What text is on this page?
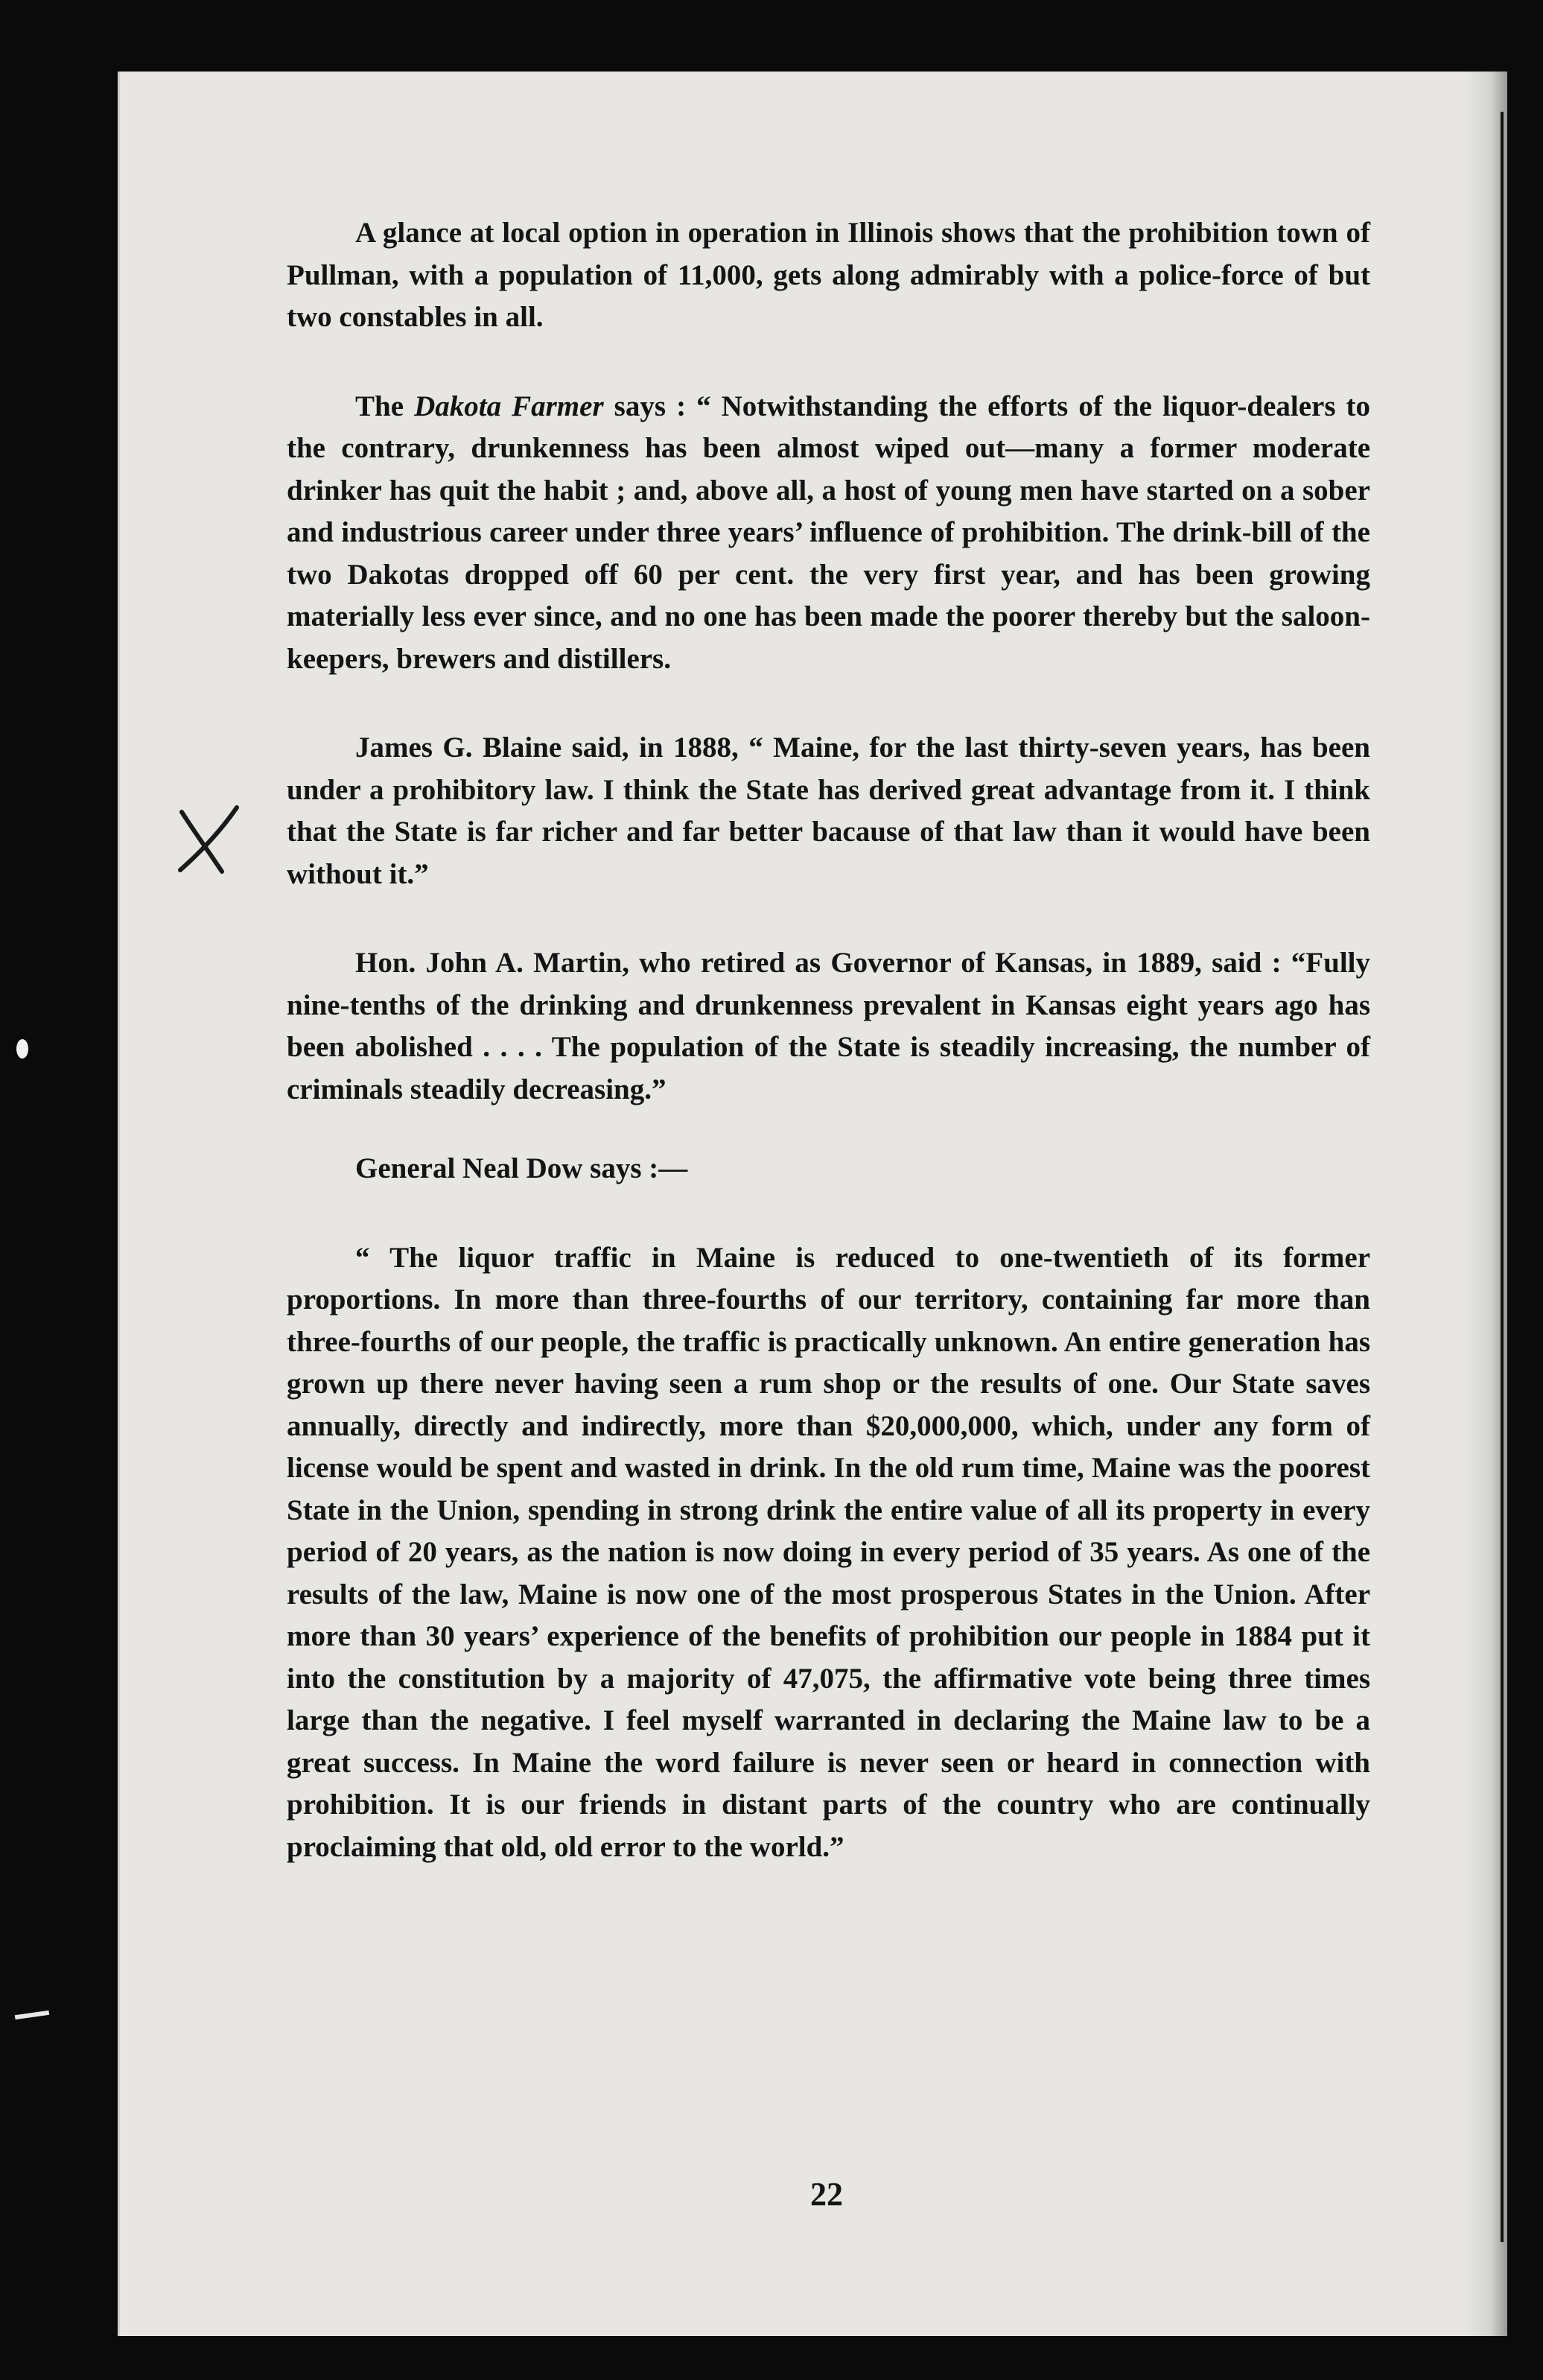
A glance at local option in operation in Illinois shows that the prohibition town of Pullman, with a population of 11,000, gets along admirably with a police-force of but two constables in all.

The Dakota Farmer says : “ Notwithstanding the efforts of the liquor-dealers to the contrary, drunkenness has been almost wiped out—many a former moderate drinker has quit the habit ; and, above all, a host of young men have started on a sober and industrious career under three years’ influence of prohibition. The drink-bill of the two Dakotas dropped off 60 per cent. the very first year, and has been growing materially less ever since, and no one has been made the poorer thereby but the saloon-keepers, brewers and distillers.

James G. Blaine said, in 1888, “ Maine, for the last thirty-seven years, has been under a prohibitory law. I think the State has derived great advantage from it. I think that the State is far richer and far better bacause of that law than it would have been without it.”

Hon. John A. Martin, who retired as Governor of Kansas, in 1889, said : “Fully nine-tenths of the drinking and drunkenness prevalent in Kansas eight years ago has been abolished . . . . The population of the State is steadily increasing, the number of criminals steadily decreasing.”

General Neal Dow says :—

“ The liquor traffic in Maine is reduced to one-twentieth of its former proportions. In more than three-fourths of our territory, containing far more than three-fourths of our people, the traffic is practically unknown. An entire generation has grown up there never having seen a rum shop or the results of one. Our State saves annually, directly and indirectly, more than $20,000,000, which, under any form of license would be spent and wasted in drink. In the old rum time, Maine was the poorest State in the Union, spending in strong drink the entire value of all its property in every period of 20 years, as the nation is now doing in every period of 35 years. As one of the results of the law, Maine is now one of the most prosperous States in the Union. After more than 30 years’ experience of the benefits of prohibition our people in 1884 put it into the constitution by a majority of 47,075, the affirmative vote being three times large than the negative. I feel myself warranted in declaring the Maine law to be a great success. In Maine the word failure is never seen or heard in connection with prohibition. It is our friends in distant parts of the country who are continually proclaiming that old, old error to the world.”

22
